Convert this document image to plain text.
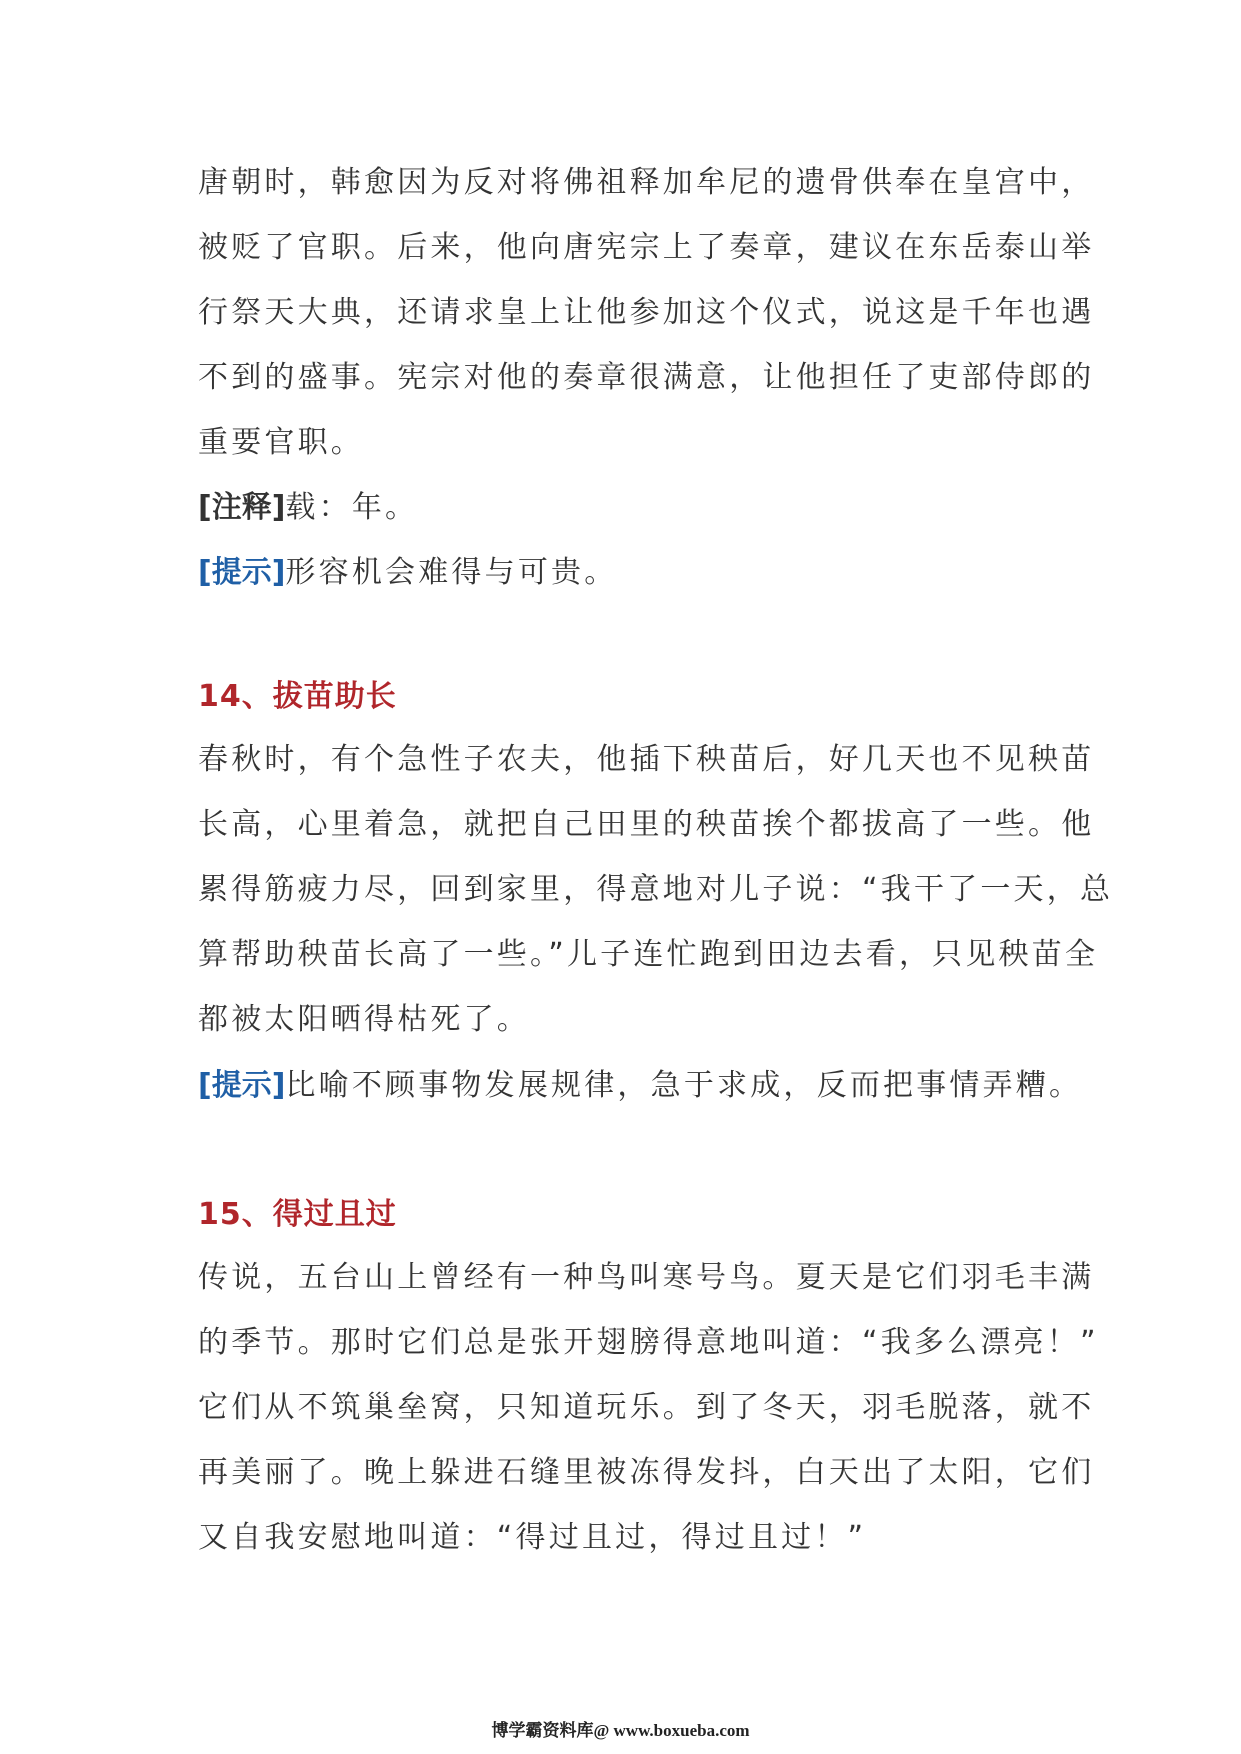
唐朝时，韩愈因为反对将佛祖释加牟尼的遗骨供奉在皇宫中，
被贬了官职。后来，他向唐宪宗上了奏章，建议在东岳泰山举
行祭天大典，还请求皇上让他参加这个仪式，说这是千年也遇
不到的盛事。宪宗对他的奏章很满意，让他担任了吏部侍郎的
重要官职。
[注释]载：年。
[提示]形容机会难得与可贵。
14、拔苗助长
春秋时，有个急性子农夫，他插下秧苗后，好几天也不见秧苗
长高，心里着急，就把自己田里的秧苗挨个都拔高了一些。他
累得筋疲力尽，回到家里，得意地对儿子说：“我干了一天，总
算帮助秧苗长高了一些。”儿子连忙跑到田边去看，只见秧苗全
都被太阳晒得枯死了。
[提示]比喻不顾事物发展规律，急于求成，反而把事情弄糟。
15、得过且过
传说，五台山上曾经有一种鸟叫寒号鸟。夏天是它们羽毛丰满
的季节。那时它们总是张开翅膀得意地叫道：“我多么漂亮！”
它们从不筑巢垒窝，只知道玩乐。到了冬天，羽毛脱落，就不
再美丽了。晚上躲进石缝里被冻得发抖，白天出了太阳，它们
又自我安慰地叫道：“得过且过，得过且过！”
博学霸资料库@ www.boxueba.com
